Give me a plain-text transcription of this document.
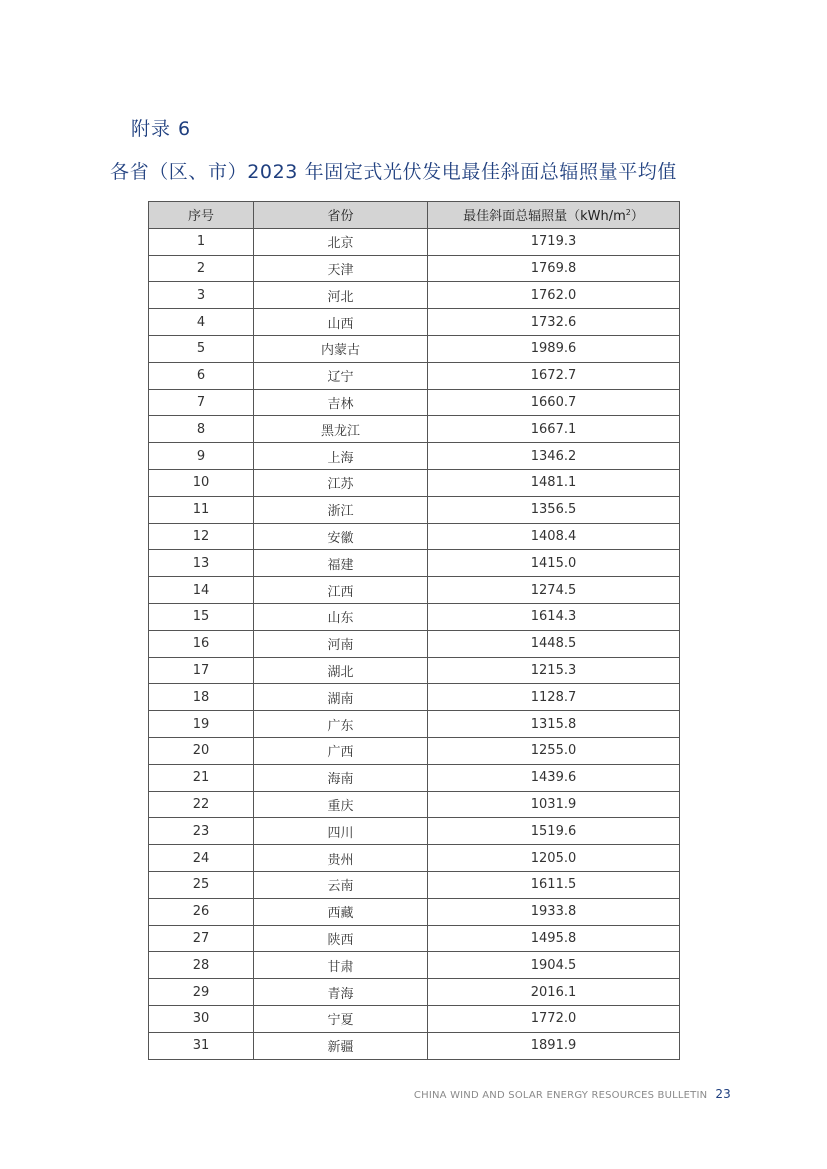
附录 6
各省（区、市）2023 年固定式光伏发电最佳斜面总辐照量平均值
序号	省份	最佳斜面总辐照量$(kWh/m^2)$
1	北京	1719.3
2	天津	1769.8
3	河北	1762.0
4	山西	1732.6
5	内蒙古	1989.6
6	辽宁	1672.7
7	吉林	1660.7
8	黑龙江	1667.1
9	上海	1346.2
10	江苏	1481.1
11	浙江	1356.5
12	安徽	1408.4
13	福建	1415.0
14	江西	1274.5
15	山东	1614.3
16	河南	1448.5
17	湖北	1215.3
18	湖南	1128.7
19	广东	1315.8
20	广西	1255.0
21	海南	1439.6
22	重庆	1031.9
23	四川	1519.6
24	贵州	1205.0
25	云南	1611.5
26	西藏	1933.8
27	陕西	1495.8
28	甘肃	1904.5
29	青海	2016.1
30	宁夏	1772.0
31	新疆	1891.9
CHINA WIND AND SOLAR ENERGY RESOURCES BULLETIN 23
